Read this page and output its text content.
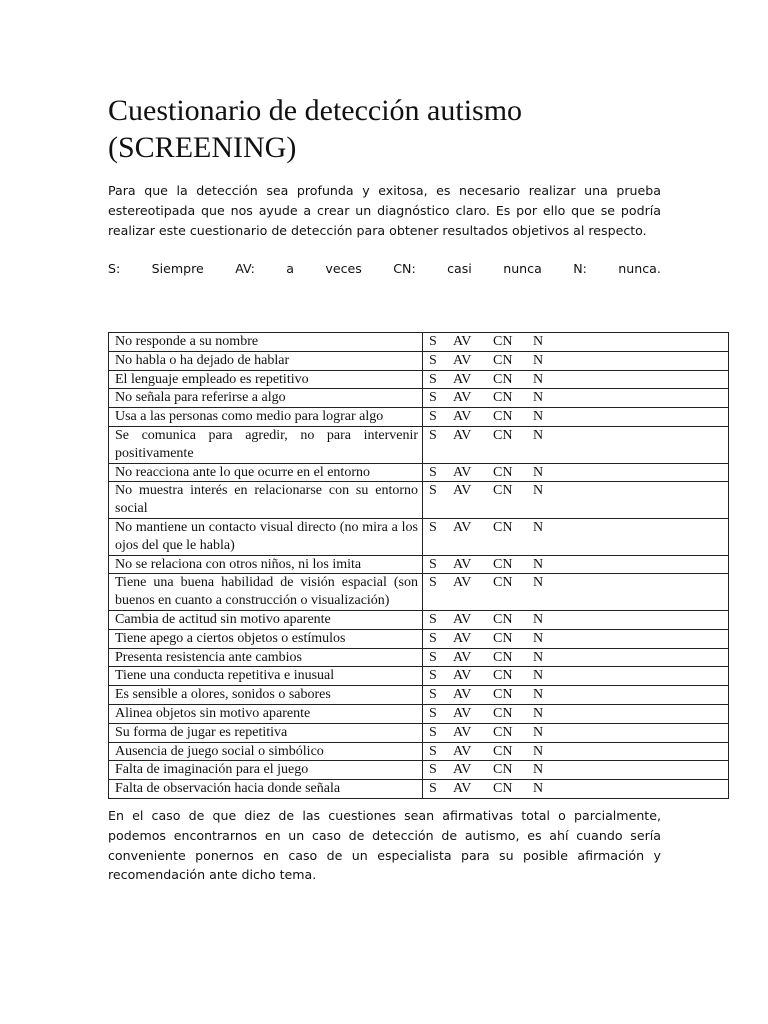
Cuestionario de detección autismo
(SCREENING)

Para que la detección sea profunda y exitosa, es necesario realizar una prueba estereotipada que nos ayude a crear un diagnóstico claro. Es por ello que se podría realizar este cuestionario de detección para obtener resultados objetivos al respecto.

S: Siempre AV: a veces CN: casi nunca N: nunca.
No responde a su nombre	S AV CN N
No habla o ha dejado de hablar	S AV CN N
El lenguaje empleado es repetitivo	S AV CN N
No señala para referirse a algo	S AV CN N
Usa a las personas como medio para lograr algo	S AV CN N
Se comunica para agredir, no para intervenir positivamente	S AV CN N
No reacciona ante lo que ocurre en el entorno	S AV CN N
No muestra interés en relacionarse con su entorno social	S AV CN N
No mantiene un contacto visual directo (no mira a los ojos del que le habla)	S AV CN N
No se relaciona con otros niños, ni los imita	S AV CN N
Tiene una buena habilidad de visión espacial (son buenos en cuanto a construcción o visualización)	S AV CN N
Cambia de actitud sin motivo aparente	S AV CN N
Tiene apego a ciertos objetos o estímulos	S AV CN N
Presenta resistencia ante cambios	S AV CN N
Tiene una conducta repetitiva e inusual	S AV CN N
Es sensible a olores, sonidos o sabores	S AV CN N
Alinea objetos sin motivo aparente	S AV CN N
Su forma de jugar es repetitiva	S AV CN N
Ausencia de juego social o simbólico	S AV CN N
Falta de imaginación para el juego	S AV CN N
Falta de observación hacia donde señala	S AV CN N

En el caso de que diez de las cuestiones sean afirmativas total o parcialmente, podemos encontrarnos en un caso de detección de autismo, es ahí cuando sería conveniente ponernos en caso de un especialista para su posible afirmación y recomendación ante dicho tema.
